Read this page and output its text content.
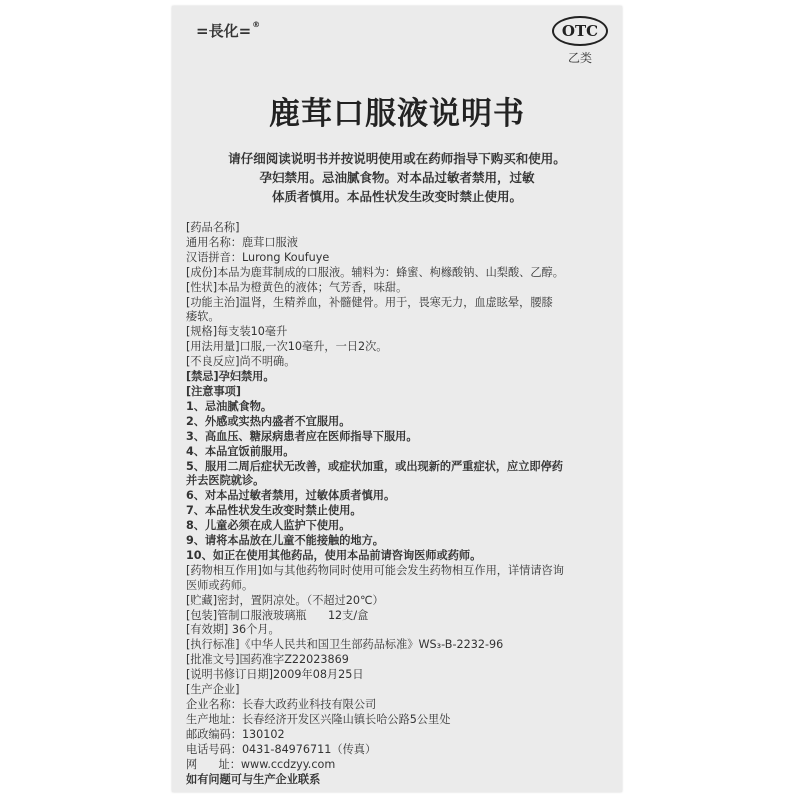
=長化=®	OTC
乙类
鹿茸口服液说明书
请仔细阅读说明书并按说明使用或在药师指导下购买和使用。
孕妇禁用。忌油腻食物。对本品过敏者禁用，过敏
体质者慎用。本品性状发生改变时禁止使用。
[药品名称]
通用名称：鹿茸口服液
汉语拼音：Lurong Koufuye
[成份]本品为鹿茸制成的口服液。辅料为：蜂蜜、枸橼酸钠、山梨酸、乙醇。
[性状]本品为橙黄色的液体；气芳香，味甜。
[功能主治]温肾，生精养血，补髓健骨。用于，畏寒无力，血虚眩晕，腰膝
痿软。
[规格]每支装10毫升
[用法用量]口服,一次10毫升，一日2次。
[不良反应]尚不明确。
[禁忌]孕妇禁用。
[注意事项]
1、忌油腻食物。
2、外感或实热内盛者不宜服用。
3、高血压、糖尿病患者应在医师指导下服用。
4、本品宜饭前服用。
5、服用二周后症状无改善，或症状加重，或出现新的严重症状，应立即停药
并去医院就诊。
6、对本品过敏者禁用，过敏体质者慎用。
7、本品性状发生改变时禁止使用。
8、儿童必须在成人监护下使用。
9、请将本品放在儿童不能接触的地方。
10、如正在使用其他药品，使用本品前请咨询医师或药师。
[药物相互作用]如与其他药物同时使用可能会发生药物相互作用，详情请咨询
医师或药师。
[贮藏]密封，置阴凉处。（不超过20℃）
[包装]管制口服液玻璃瓶      12支/盒
[有效期] 36个月。
[执行标准]《中华人民共和国卫生部药品标准》WS₃-B-2232-96
[批准文号]国药准字Z22023869
[说明书修订日期]2009年08月25日
[生产企业]
企业名称：长春大政药业科技有限公司
生产地址：长春经济开发区兴隆山镇长哈公路5公里处
邮政编码：130102
电话号码：0431-84976711（传真）
网      址：www.ccdzyy.com
如有问题可与生产企业联系
